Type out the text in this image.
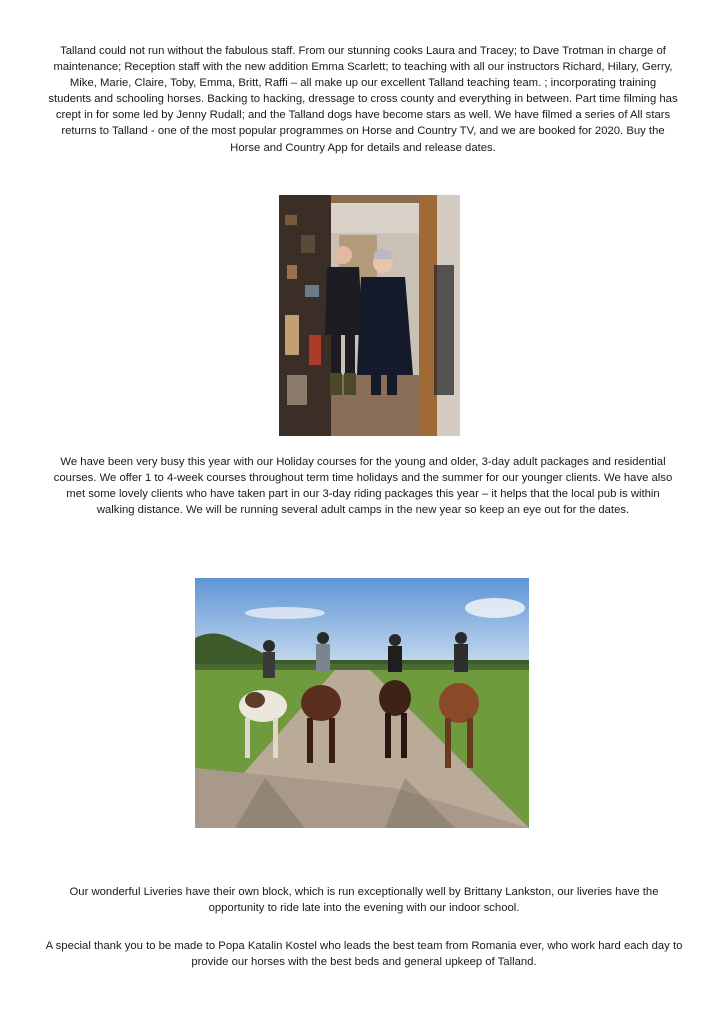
Talland could not run without the fabulous staff. From our stunning cooks Laura and Tracey; to Dave Trotman in charge of maintenance; Reception staff with the new addition Emma Scarlett; to teaching with all our instructors Richard, Hilary, Gerry, Mike, Marie, Claire, Toby, Emma, Britt, Raffi – all make up our excellent Talland teaching team. ; incorporating training students and schooling horses. Backing to hacking, dressage to cross county and everything in between. Part time filming has crept in for some led by Jenny Rudall; and the Talland dogs have become stars as well. We have filmed a series of All stars returns to Talland - one of the most popular programmes on Horse and Country TV, and we are booked for 2020. Buy the Horse and Country App for details and release dates.

We have been very busy this year with our Holiday courses for the young and older, 3-day adult packages and residential courses. We offer 1 to 4-week courses throughout term time holidays and the summer for our younger clients. We have also met some lovely clients who have taken part in our 3-day riding packages this year – it helps that the local pub is within walking distance. We will be running several adult camps in the new year so keep an eye out for the dates.

Our wonderful Liveries have their own block, which is run exceptionally well by Brittany Lankston, our liveries have the opportunity to ride late into the evening with our indoor school.

A special thank you to be made to Popa Katalin Kostel who leads the best team from Romania ever, who work hard each day to provide our horses with the best beds and general upkeep of Talland.
